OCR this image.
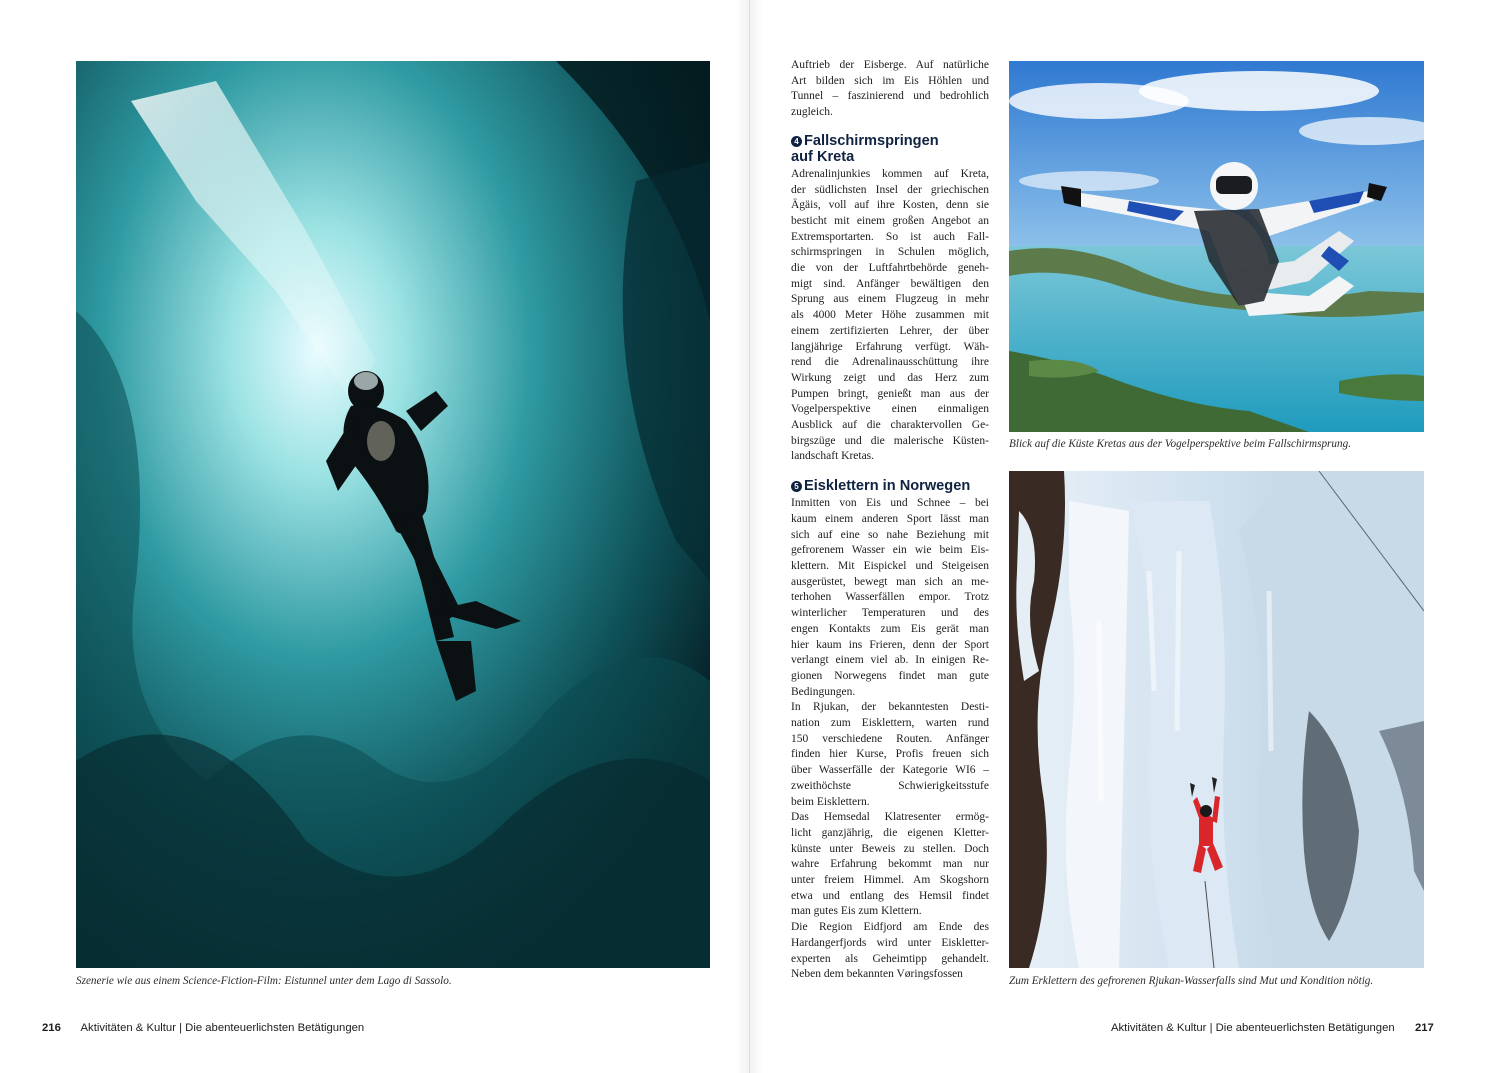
Szenerie wie aus einem Science-Fiction-Film: Eistunnel unter dem Lago di Sassolo.
216 Aktivitäten & Kultur | Die abenteuerlichsten Betätigungen
Auftrieb der Eisberge. Auf natürliche
Art bilden sich im Eis Höhlen und
Tunnel – faszinierend und bedrohlich
zugleich.
4 Fallschirmspringen
auf Kreta
Adrenalinjunkies kommen auf Kreta,
der südlichsten Insel der griechischen
Ägäis, voll auf ihre Kosten, denn sie
besticht mit einem großen Angebot an
Extremsportarten. So ist auch Fall-
schirmspringen in Schulen möglich,
die von der Luftfahrtbehörde geneh-
migt sind. Anfänger bewältigen den
Sprung aus einem Flugzeug in mehr
als 4000 Meter Höhe zusammen mit
einem zertifizierten Lehrer, der über
langjährige Erfahrung verfügt. Wäh-
rend die Adrenalinausschüttung ihre
Wirkung zeigt und das Herz zum
Pumpen bringt, genießt man aus der
Vogelperspektive einen einmaligen
Ausblick auf die charaktervollen Ge-
birgszüge und die malerische Küsten-
landschaft Kretas.
5 Eisklettern in Norwegen
Inmitten von Eis und Schnee – bei
kaum einem anderen Sport lässt man
sich auf eine so nahe Beziehung mit
gefrorenem Wasser ein wie beim Eis-
klettern. Mit Eispickel und Steigeisen
ausgerüstet, bewegt man sich an me-
terhohen Wasserfällen empor. Trotz
winterlicher Temperaturen und des
engen Kontakts zum Eis gerät man
hier kaum ins Frieren, denn der Sport
verlangt einem viel ab. In einigen Re-
gionen Norwegens findet man gute
Bedingungen.
In Rjukan, der bekanntesten Desti-
nation zum Eisklettern, warten rund
150 verschiedene Routen. Anfänger
finden hier Kurse, Profis freuen sich
über Wasserfälle der Kategorie WI6 –
zweithöchste Schwierigkeitsstufe
beim Eisklettern.
Das Hemsedal Klatresenter ermög-
licht ganzjährig, die eigenen Kletter-
künste unter Beweis zu stellen. Doch
wahre Erfahrung bekommt man nur
unter freiem Himmel. Am Skogshorn
etwa und entlang des Hemsil findet
man gutes Eis zum Klettern.
Die Region Eidfjord am Ende des
Hardangerfjords wird unter Eiskletter-
experten als Geheimtipp gehandelt.
Neben dem bekannten Vøringsfossen
Blick auf die Küste Kretas aus der Vogelperspektive beim Fallschirmsprung.
Zum Erklettern des gefrorenen Rjukan-Wasserfalls sind Mut und Kondition nötig.
Aktivitäten & Kultur | Die abenteuerlichsten Betätigungen 217
